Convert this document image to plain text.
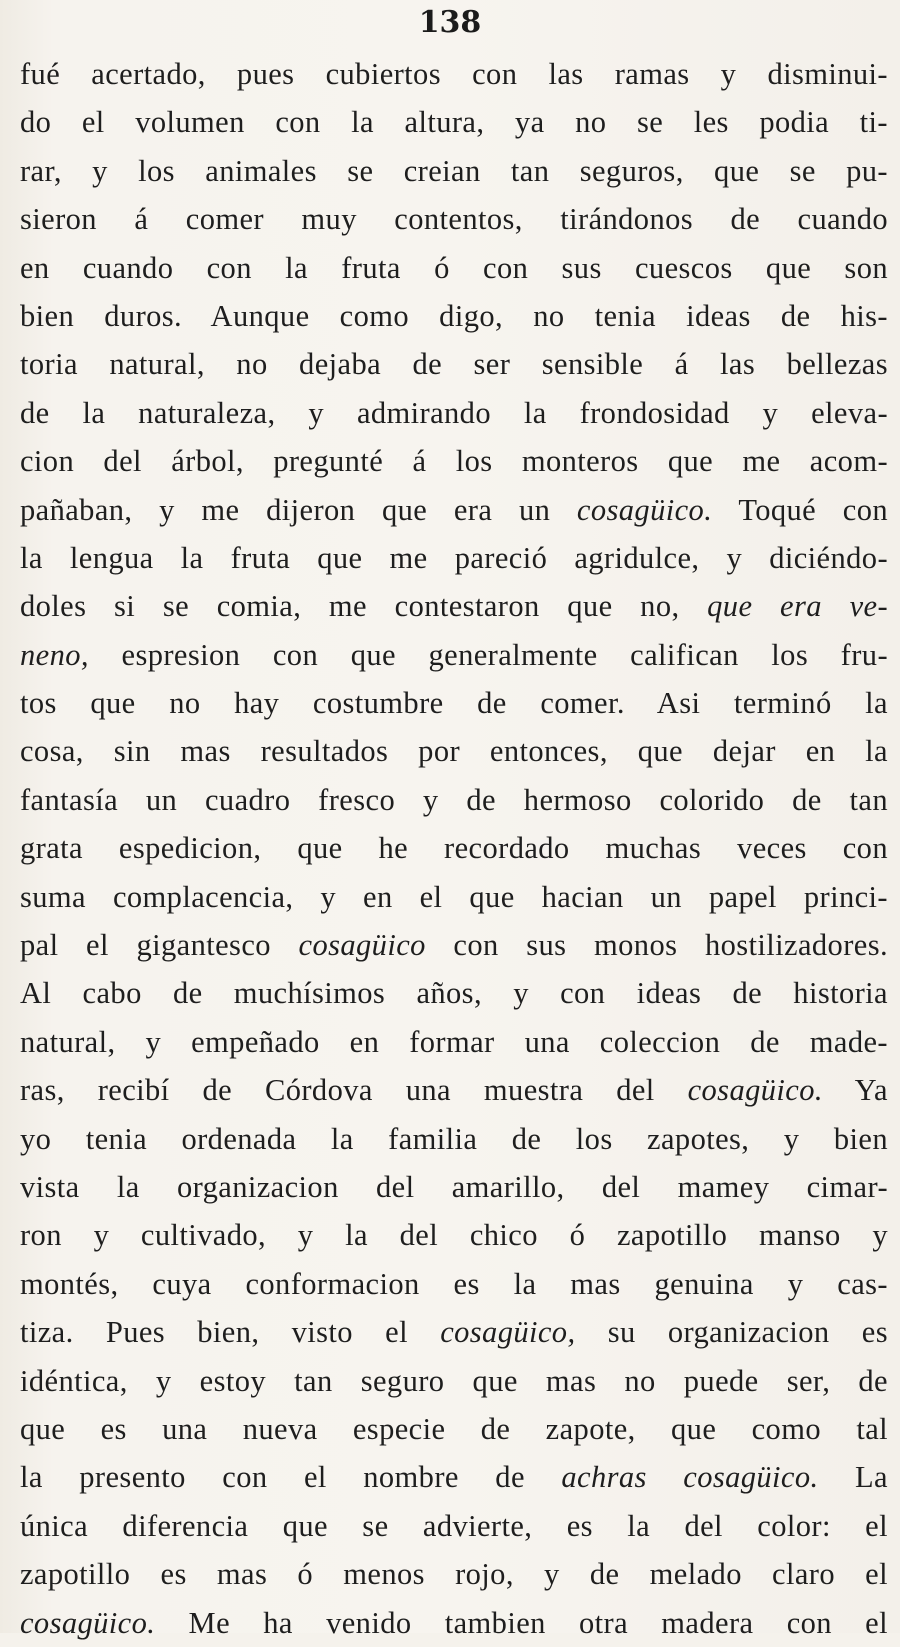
138
fué acertado, pues cubiertos con las ramas y disminui-
do el volumen con la altura, ya no se les podia ti-
rar, y los animales se creian tan seguros, que se pu-
sieron á comer muy contentos, tirándonos de cuando
en cuando con la fruta ó con sus cuescos que son
bien duros. Aunque como digo, no tenia ideas de his-
toria natural, no dejaba de ser sensible á las bellezas
de la naturaleza, y admirando la frondosidad y eleva-
cion del árbol, pregunté á los monteros que me acom-
pañaban, y me dijeron que era un cosagüico. Toqué con
la lengua la fruta que me pareció agridulce, y diciéndo-
doles si se comia, me contestaron que no, que era ve-
neno, espresion con que generalmente califican los fru-
tos que no hay costumbre de comer. Asi terminó la
cosa, sin mas resultados por entonces, que dejar en la
fantasía un cuadro fresco y de hermoso colorido de tan
grata espedicion, que he recordado muchas veces con
suma complacencia, y en el que hacian un papel princi-
pal el gigantesco cosagüico con sus monos hostilizadores.
Al cabo de muchísimos años, y con ideas de historia
natural, y empeñado en formar una coleccion de made-
ras, recibí de Córdova una muestra del cosagüico. Ya
yo tenia ordenada la familia de los zapotes, y bien
vista la organizacion del amarillo, del mamey cimar-
ron y cultivado, y la del chico ó zapotillo manso y
montés, cuya conformacion es la mas genuina y cas-
tiza. Pues bien, visto el cosagüico, su organizacion es
idéntica, y estoy tan seguro que mas no puede ser, de
que es una nueva especie de zapote, que como tal
la presento con el nombre de achras cosagüico. La
única diferencia que se advierte, es la del color: el
zapotillo es mas ó menos rojo, y de melado claro el
cosagüico. Me ha venido tambien otra madera con el
